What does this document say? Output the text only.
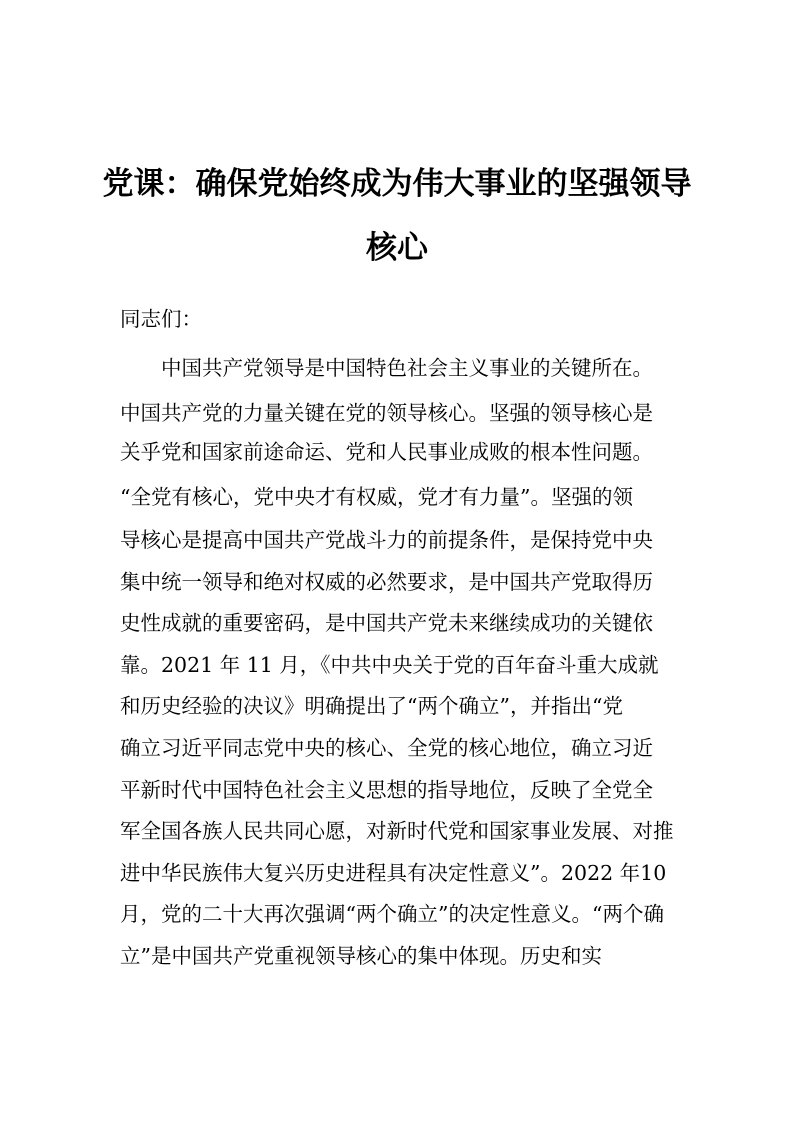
党课：确保党始终成为伟大事业的坚强领导
核心
同志们：
中国共产党领导是中国特色社会主义事业的关键所在。
中国共产党的力量关键在党的领导核心。坚强的领导核心是
关乎党和国家前途命运、党和人民事业成败的根本性问题。
“全党有核心，党中央才有权威，党才有力量”。坚强的领
导核心是提高中国共产党战斗力的前提条件，是保持党中央
集中统一领导和绝对权威的必然要求，是中国共产党取得历
史性成就的重要密码，是中国共产党未来继续成功的关键依
靠。2021 年 11 月，《中共中央关于党的百年奋斗重大成就
和历史经验的决议》明确提出了“两个确立”，并指出“党
确立习近平同志党中央的核心、全党的核心地位，确立习近
平新时代中国特色社会主义思想的指导地位，反映了全党全
军全国各族人民共同心愿，对新时代党和国家事业发展、对推
进中华民族伟大复兴历史进程具有决定性意义”。2022 年10
月，党的二十大再次强调“两个确立”的决定性意义。“两个确
立”是中国共产党重视领导核心的集中体现。历史和实
